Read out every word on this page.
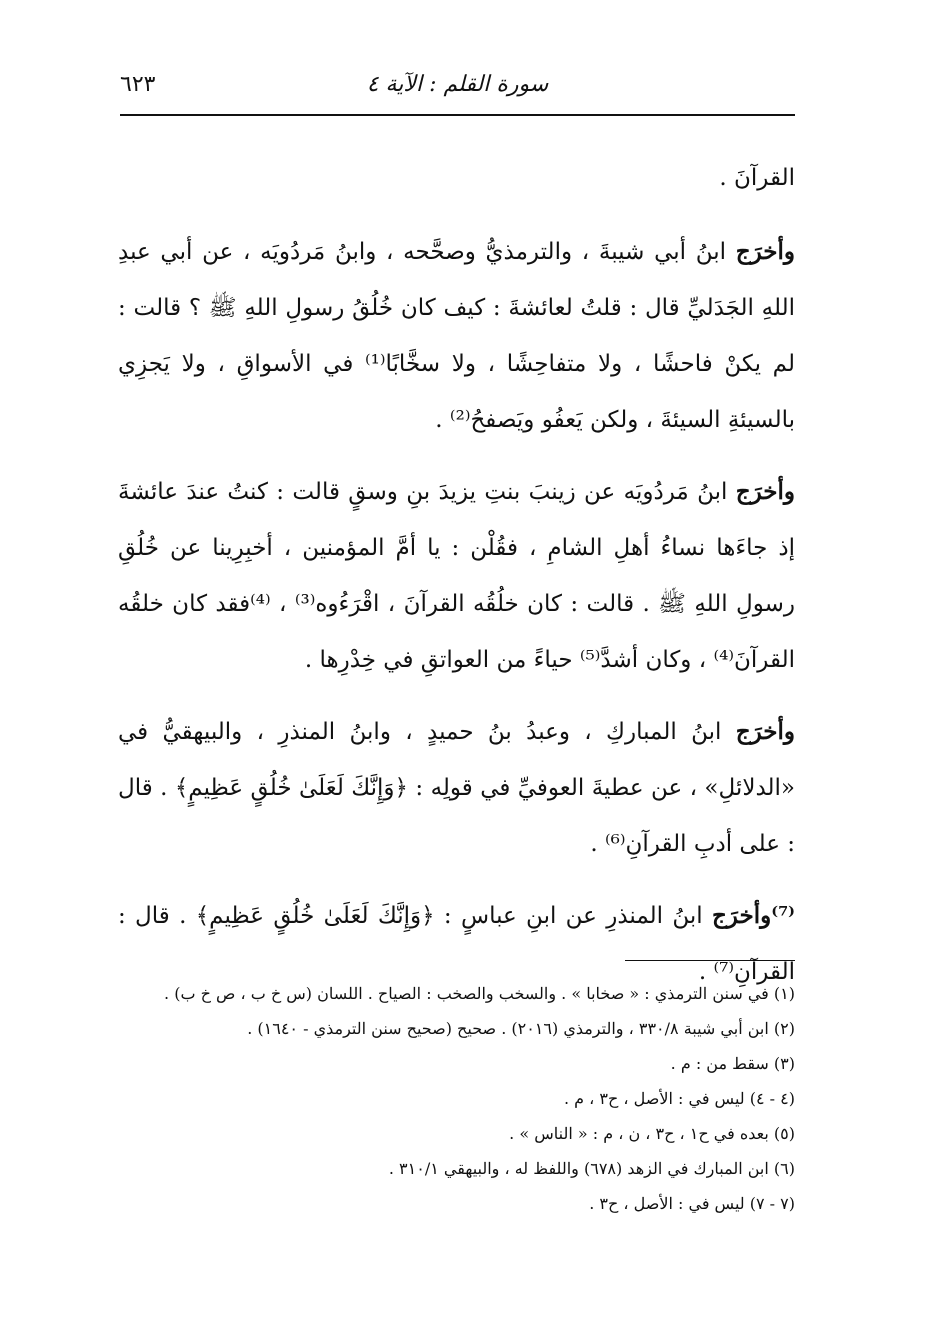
سورة القلم : الآية ٤
٦٢٣

القرآنَ .

وأخرَج ابنُ أبي شيبةَ ، والترمذيُّ وصحَّحه ، وابنُ مَردُويَه ، عن أبي عبدِ اللهِ الجَدَليِّ قال : قلتُ لعائشةَ : كيف كان خُلُقُ رسولِ اللهِ ﷺ ؟ قالت : لم يكنْ فاحشًا ، ولا متفاحِشًا ، ولا سخَّابًا⁽¹⁾ في الأسواقِ ، ولا يَجزِي بالسيئةِ السيئةَ ، ولكن يَعفُو ويَصفحُ⁽²⁾ .

وأخرَج ابنُ مَردُويَه عن زينبَ بنتِ يزيدَ بنِ وسقٍ قالت : كنتُ عندَ عائشةَ إذ جاءَها نساءُ أهلِ الشامِ ، فقُلْن : يا أمَّ المؤمنين ، أخبِرِينا عن خُلُقِ رسولِ اللهِ ﷺ . قالت : كان خلُقُه القرآنَ ، اقْرَءُوه⁽³⁾ ، ⁽⁴⁾فقد كان خلقُه القرآنَ⁽⁴⁾ ، وكان أشدَّ⁽⁵⁾ حياءً من العواتقِ في خِدْرِها .

وأخرَج ابنُ المباركِ ، وعبدُ بنُ حميدٍ ، وابنُ المنذرِ ، والبيهقيُّ في «الدلائلِ» ، عن عطيةَ العوفيِّ في قولِه : ﴿وَإِنَّكَ لَعَلَىٰ خُلُقٍ عَظِيمٍ﴾ . قال : على أدبِ القرآنِ⁽⁶⁾ .

⁽⁷⁾وأخرَج ابنُ المنذرِ عن ابنِ عباسٍ : ﴿وَإِنَّكَ لَعَلَىٰ خُلُقٍ عَظِيمٍ﴾ . قال : القرآنِ⁽⁷⁾ .

(١) في سنن الترمذي : « صخابا » . والسخب والصخب : الصياح . اللسان (س خ ب ، ص خ ب) .

(٢) ابن أبي شيبة ٣٣٠/٨ ، والترمذي (٢٠١٦) . صحيح (صحيح سنن الترمذي - ١٦٤٠) .

(٣) سقط من : م .

(٤ - ٤) ليس في : الأصل ، ح٣ ، م .

(٥) بعده في ح١ ، ح٣ ، ن ، م : « الناس » .

(٦) ابن المبارك في الزهد (٦٧٨) واللفظ له ، والبيهقي ٣١٠/١ .

(٧ - ٧) ليس في : الأصل ، ح٣ .
